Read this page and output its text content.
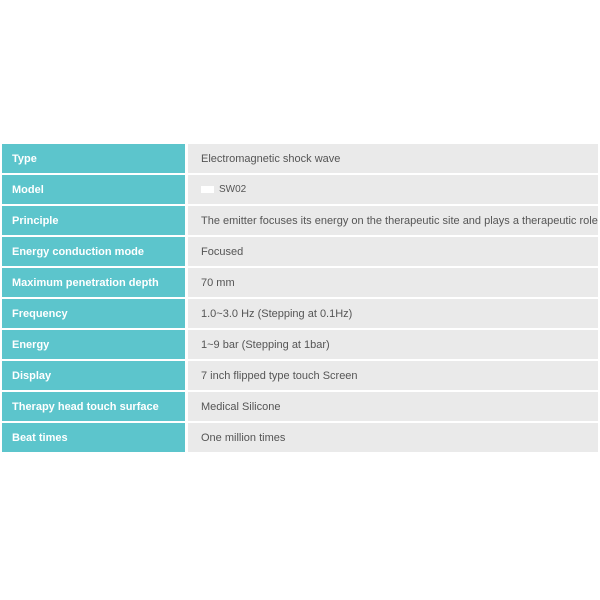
Type	Electromagnetic shock wave
Model	SW02
Principle	The emitter focuses its energy on the therapeutic site and plays a therapeutic role
Energy conduction mode	Focused
Maximum penetration depth	70 mm
Frequency	1.0~3.0 Hz (Stepping at 0.1Hz)
Energy	1~9 bar (Stepping at 1bar)
Display	7 inch flipped type touch Screen
Therapy head touch surface	Medical Silicone
Beat times	One million times
